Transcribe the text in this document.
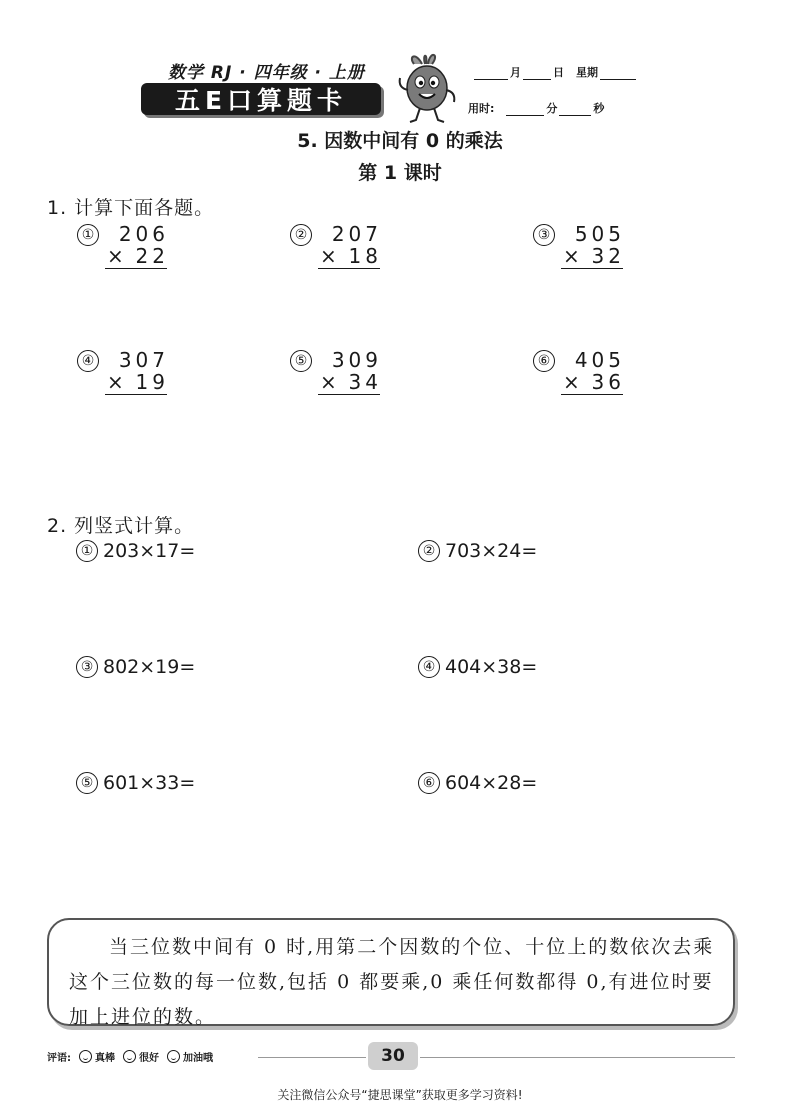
数学 RJ · 四年级 · 上册
五E口算题卡
月	日 星期
用时:	分	秒
5. 因数中间有 0 的乘法
第 1 课时
1. 计算下面各题。
①	206
× 22
②	207
× 18
③	505
× 32
④	307
× 19
⑤	309
× 34
⑥	405
× 36
2. 列竖式计算。
① 203×17=	② 703×24=
③ 802×19=	④ 404×38=
⑤ 601×33=	⑥ 604×28=
当三位数中间有 0 时,用第二个因数的个位、十位上的数依次去乘这个三位数的每一位数,包括 0 都要乘,0 乘任何数都得 0,有进位时要加上进位的数。
评语: 真棒 很好 加油哦	30
关注微信公众号“捷思课堂”获取更多学习资料!
